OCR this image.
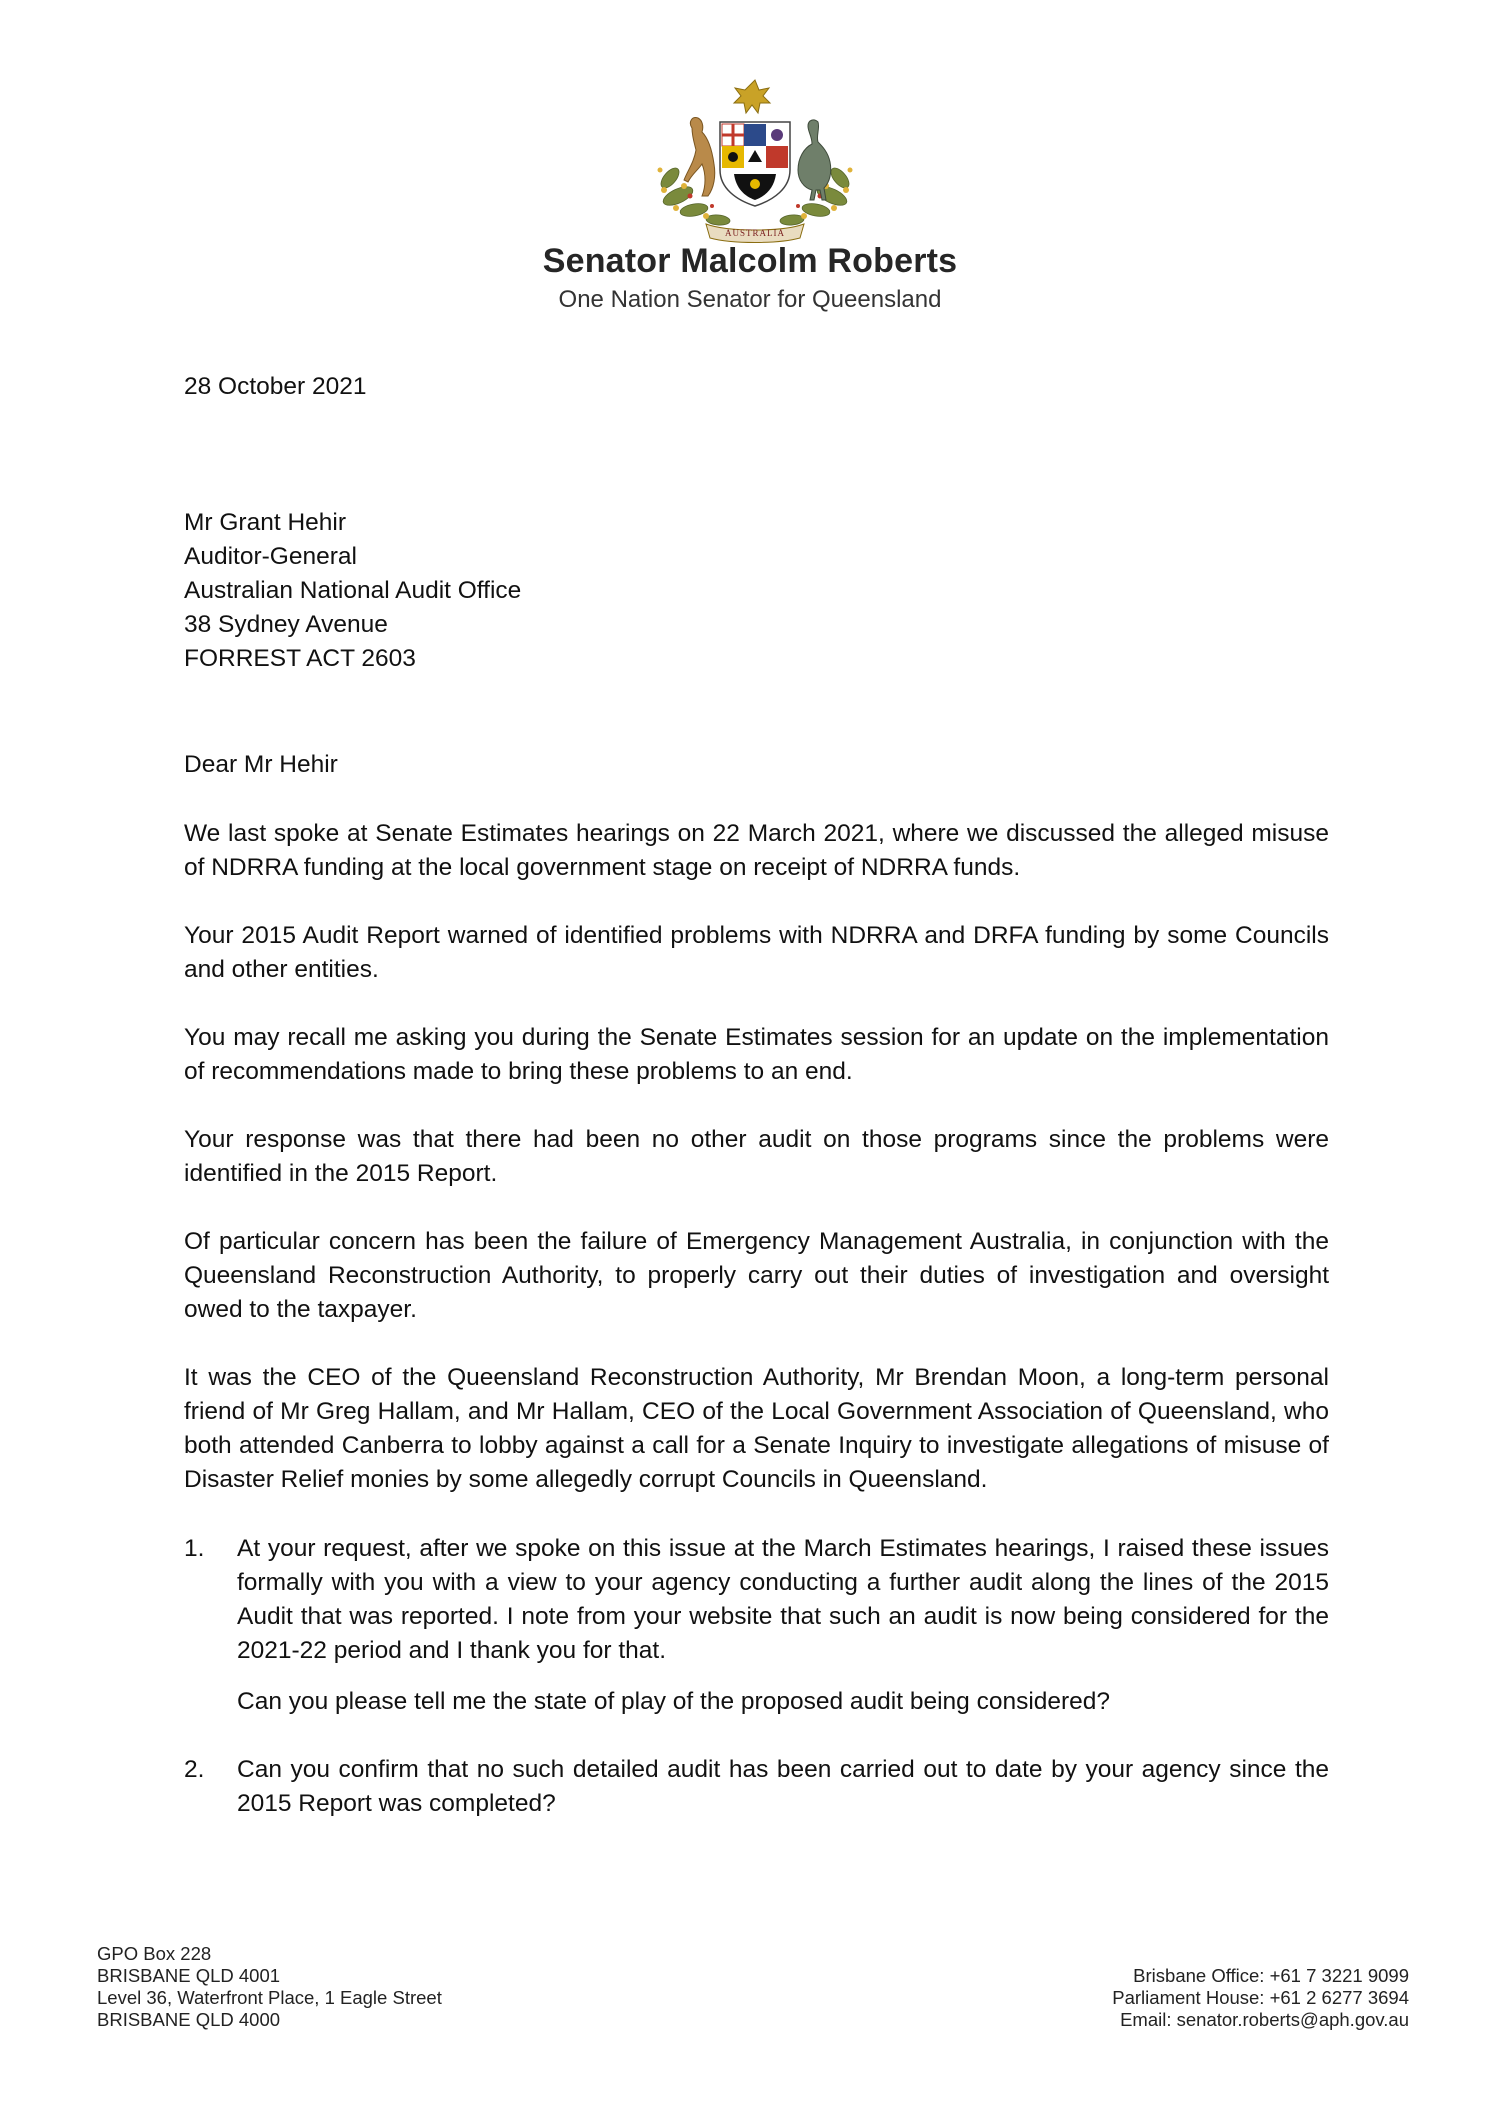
AUSTRALIA
Senator Malcolm Roberts
One Nation Senator for Queensland
28 October 2021
Mr Grant Hehir
Auditor-General
Australian National Audit Office
38 Sydney Avenue
FORREST ACT 2603
Dear Mr Hehir
We last spoke at Senate Estimates hearings on 22 March 2021, where we discussed the alleged misuse of NDRRA funding at the local government stage on receipt of NDRRA funds.
Your 2015 Audit Report warned of identified problems with NDRRA and DRFA funding by some Councils and other entities.
You may recall me asking you during the Senate Estimates session for an update on the implementation of recommendations made to bring these problems to an end.
Your response was that there had been no other audit on those programs since the problems were identified in the 2015 Report.
Of particular concern has been the failure of Emergency Management Australia, in conjunction with the Queensland Reconstruction Authority, to properly carry out their duties of investigation and oversight owed to the taxpayer.
It was the CEO of the Queensland Reconstruction Authority, Mr Brendan Moon, a long-term personal friend of Mr Greg Hallam, and Mr Hallam, CEO of the Local Government Association of Queensland, who both attended Canberra to lobby against a call for a Senate Inquiry to investigate allegations of misuse of Disaster Relief monies by some allegedly corrupt Councils in Queensland.
1. At your request, after we spoke on this issue at the March Estimates hearings, I raised these issues formally with you with a view to your agency conducting a further audit along the lines of the 2015 Audit that was reported. I note from your website that such an audit is now being considered for the 2021-22 period and I thank you for that.
Can you please tell me the state of play of the proposed audit being considered?
2. Can you confirm that no such detailed audit has been carried out to date by your agency since the 2015 Report was completed?
GPO Box 228
BRISBANE QLD 4001
Level 36, Waterfront Place, 1 Eagle Street
BRISBANE QLD 4000
Brisbane Office: +61 7 3221 9099
Parliament House: +61 2 6277 3694
Email: senator.roberts@aph.gov.au
